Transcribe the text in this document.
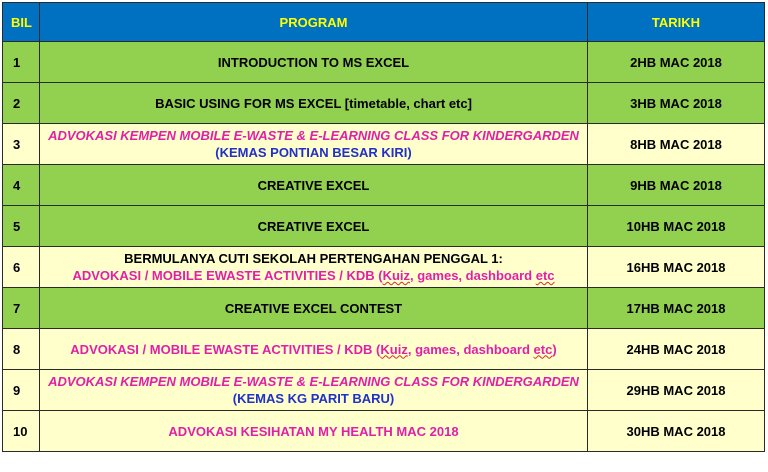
BIL	PROGRAM	TARIKH
1	INTRODUCTION TO MS EXCEL	2HB MAC 2018
2	BASIC USING FOR MS EXCEL [timetable, chart etc]	3HB MAC 2018
3	ADVOKASI KEMPEN MOBILE E-WASTE & E-LEARNING CLASS FOR KINDERGARDEN
(KEMAS PONTIAN BESAR KIRI)	8HB MAC 2018
4	CREATIVE EXCEL	9HB MAC 2018
5	CREATIVE EXCEL	10HB MAC 2018
6	BERMULANYA CUTI SEKOLAH PERTENGAHAN PENGGAL 1:
ADVOKASI / MOBILE EWASTE ACTIVITIES / KDB (Kuiz, games, dashboard etc	16HB MAC 2018
7	CREATIVE EXCEL CONTEST	17HB MAC 2018
8	ADVOKASI / MOBILE EWASTE ACTIVITIES / KDB (Kuiz, games, dashboard etc)	24HB MAC 2018
9	ADVOKASI KEMPEN MOBILE E-WASTE & E-LEARNING CLASS FOR KINDERGARDEN
(KEMAS KG PARIT BARU)	29HB MAC 2018
10	ADVOKASI KESIHATAN MY HEALTH MAC 2018	30HB MAC 2018
